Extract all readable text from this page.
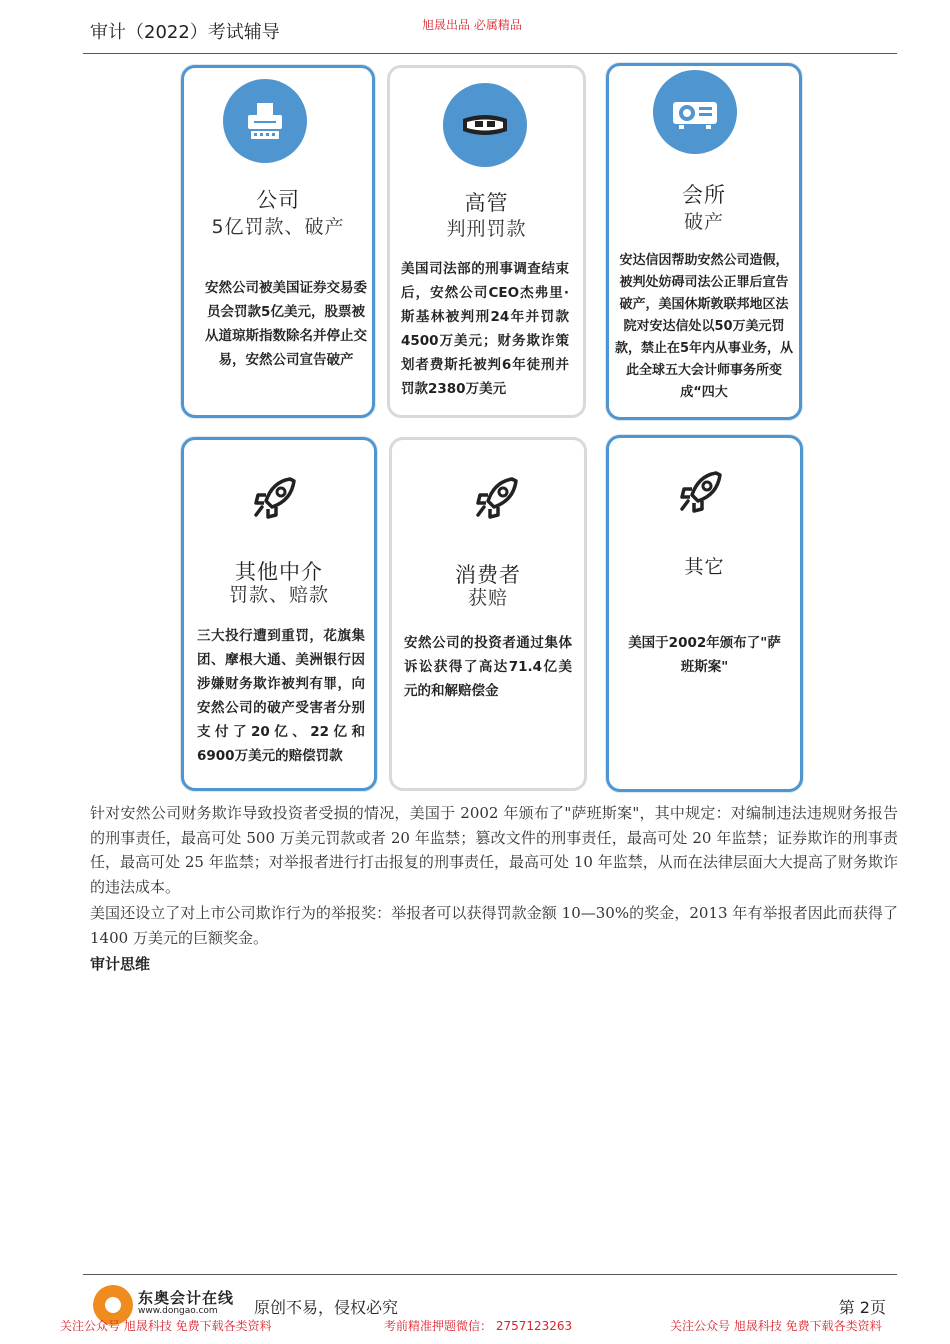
审计（2022）考试辅导	旭晟出品 必属精品
公司
5亿罚款、破产
安然公司被美国证券交易委员会罚款5亿美元，股票被从道琼斯指数除名并停止交易，安然公司宣告破产
高管
判刑罚款
美国司法部的刑事调查结束后，安然公司CEO杰弗里·斯基林被判刑24年并罚款4500万美元；财务欺诈策划者费斯托被判6年徒刑并罚款2380万美元
会所
破产
安达信因帮助安然公司造假，被判处妨碍司法公正罪后宣告破产，美国休斯敦联邦地区法院对安达信处以50万美元罚款，禁止在5年内从事业务，从此全球五大会计师事务所变成“四大
其他中介
罚款、赔款
三大投行遭到重罚，花旗集团、摩根大通、美洲银行因涉嫌财务欺诈被判有罪，向安然公司的破产受害者分别支付了20亿、22亿和6900万美元的赔偿罚款
消费者
获赔
安然公司的投资者通过集体诉讼获得了高达71.4亿美元的和解赔偿金
其它
美国于2002年颁布了"萨班斯案"
针对安然公司财务欺诈导致投资者受损的情况，美国于 2002 年颁布了"萨班斯案"，其中规定：对编制违法违规财务报告的刑事责任，最高可处 500 万美元罚款或者 20 年监禁；篡改文件的刑事责任，最高可处 20 年监禁；证券欺诈的刑事责任，最高可处 25 年监禁；对举报者进行打击报复的刑事责任，最高可处 10 年监禁，从而在法律层面大大提高了财务欺诈的违法成本。
美国还设立了对上市公司欺诈行为的举报奖：举报者可以获得罚款金额 10—30%的奖金，2013 年有举报者因此而获得了 1400 万美元的巨额奖金。
审计思维
东奥会计在线
www.dongao.com 原创不易，侵权必究	第 2页
关注公众号 旭晟科技 免费下载各类资料	考前精准押题微信： 2757123263	关注公众号 旭晟科技 免费下载各类资料
